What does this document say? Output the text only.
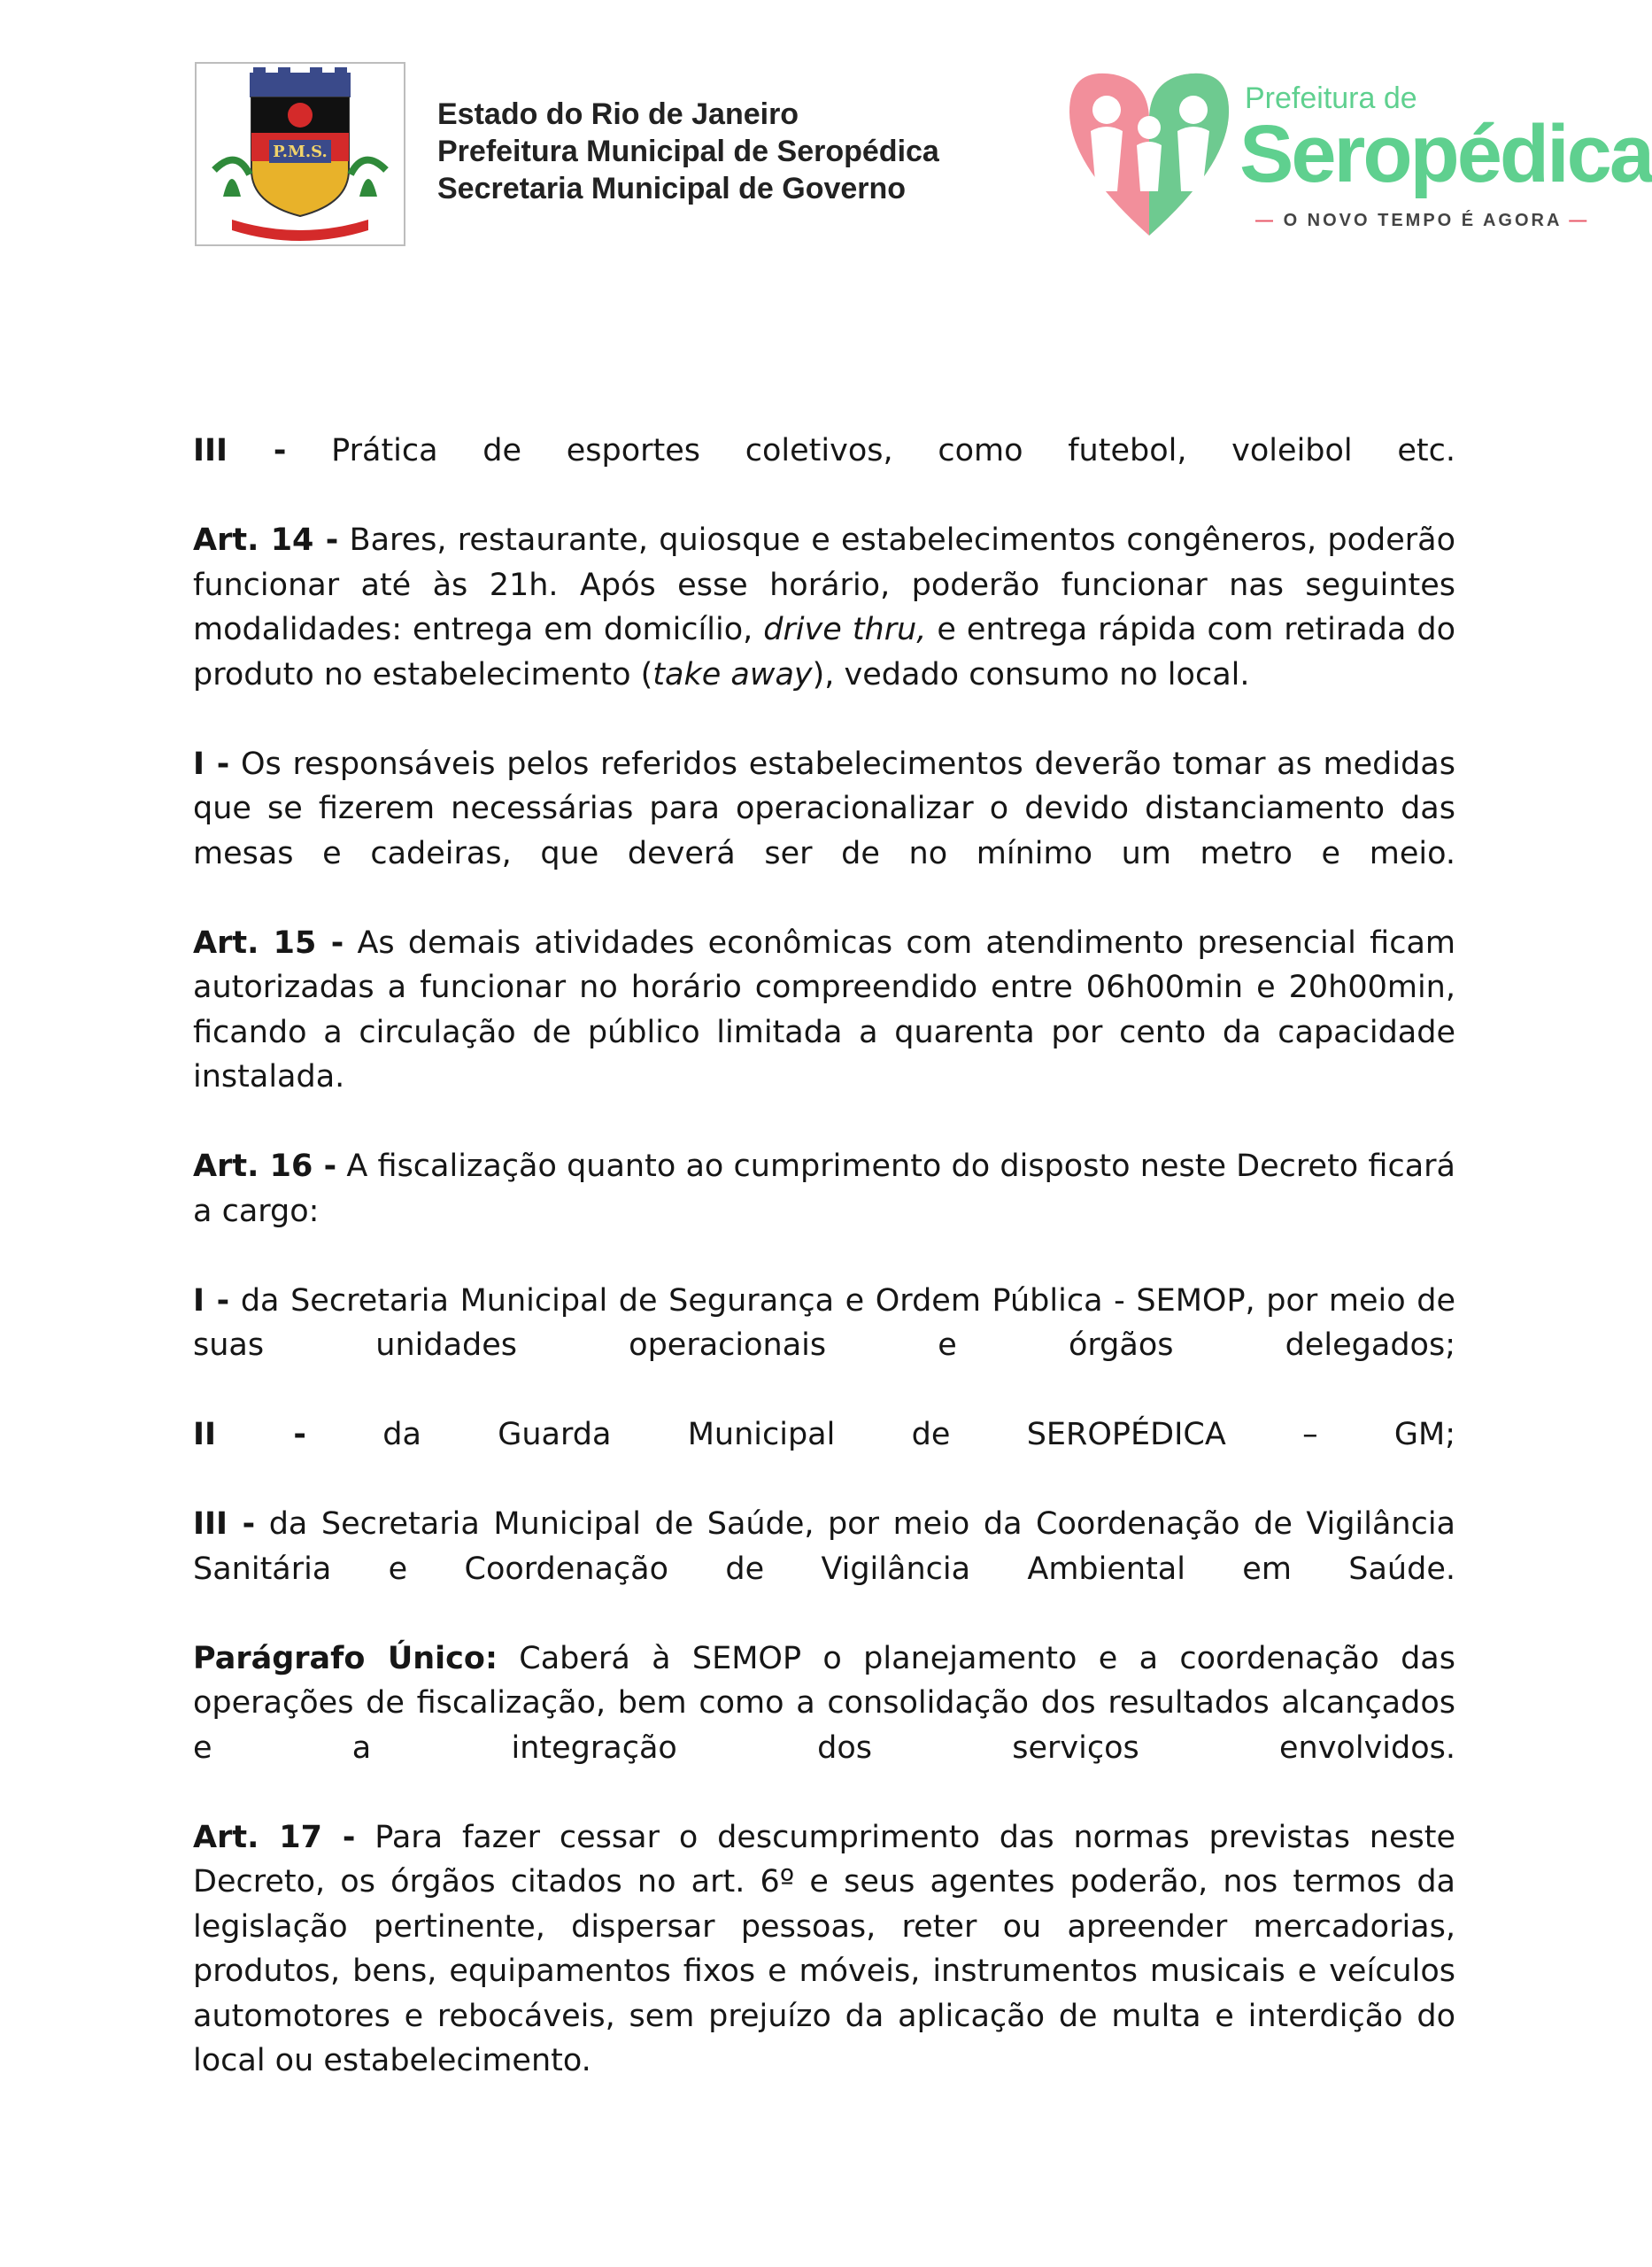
P.M.S.
Estado do Rio de Janeiro
Prefeitura Municipal de Seropédica
Secretaria Municipal de Governo
Prefeitura de
Seropédica
— O NOVO TEMPO É AGORA —

III - Prática de esportes coletivos, como futebol, voleibol etc.

Art. 14 - Bares, restaurante, quiosque e estabelecimentos congêneros, poderão funcionar até às 21h. Após esse horário, poderão funcionar nas seguintes modalidades: entrega em domicílio, drive thru, e entrega rápida com retirada do produto no estabelecimento (take away), vedado consumo no local.

I - Os responsáveis pelos referidos estabelecimentos deverão tomar as medidas que se fizerem necessárias para operacionalizar o devido distanciamento das mesas e cadeiras, que deverá ser de no mínimo um metro e meio.

Art. 15 - As demais atividades econômicas com atendimento presencial ficam autorizadas a funcionar no horário compreendido entre 06h00min e 20h00min, ficando a circulação de público limitada a quarenta por cento da capacidade instalada.

Art. 16 - A fiscalização quanto ao cumprimento do disposto neste Decreto ficará a cargo:

I - da Secretaria Municipal de Segurança e Ordem Pública - SEMOP, por meio de suas unidades operacionais e órgãos delegados;

II - da Guarda Municipal de SEROPÉDICA – GM;

III - da Secretaria Municipal de Saúde, por meio da Coordenação de Vigilância Sanitária e Coordenação de Vigilância Ambiental em Saúde.

Parágrafo Único: Caberá à SEMOP o planejamento e a coordenação das operações de fiscalização, bem como a consolidação dos resultados alcançados e a integração dos serviços envolvidos.

Art. 17 - Para fazer cessar o descumprimento das normas previstas neste Decreto, os órgãos citados no art. 6º e seus agentes poderão, nos termos da legislação pertinente, dispersar pessoas, reter ou apreender mercadorias, produtos, bens, equipamentos fixos e móveis, instrumentos musicais e veículos automotores e rebocáveis, sem prejuízo da aplicação de multa e interdição do local ou estabelecimento.
